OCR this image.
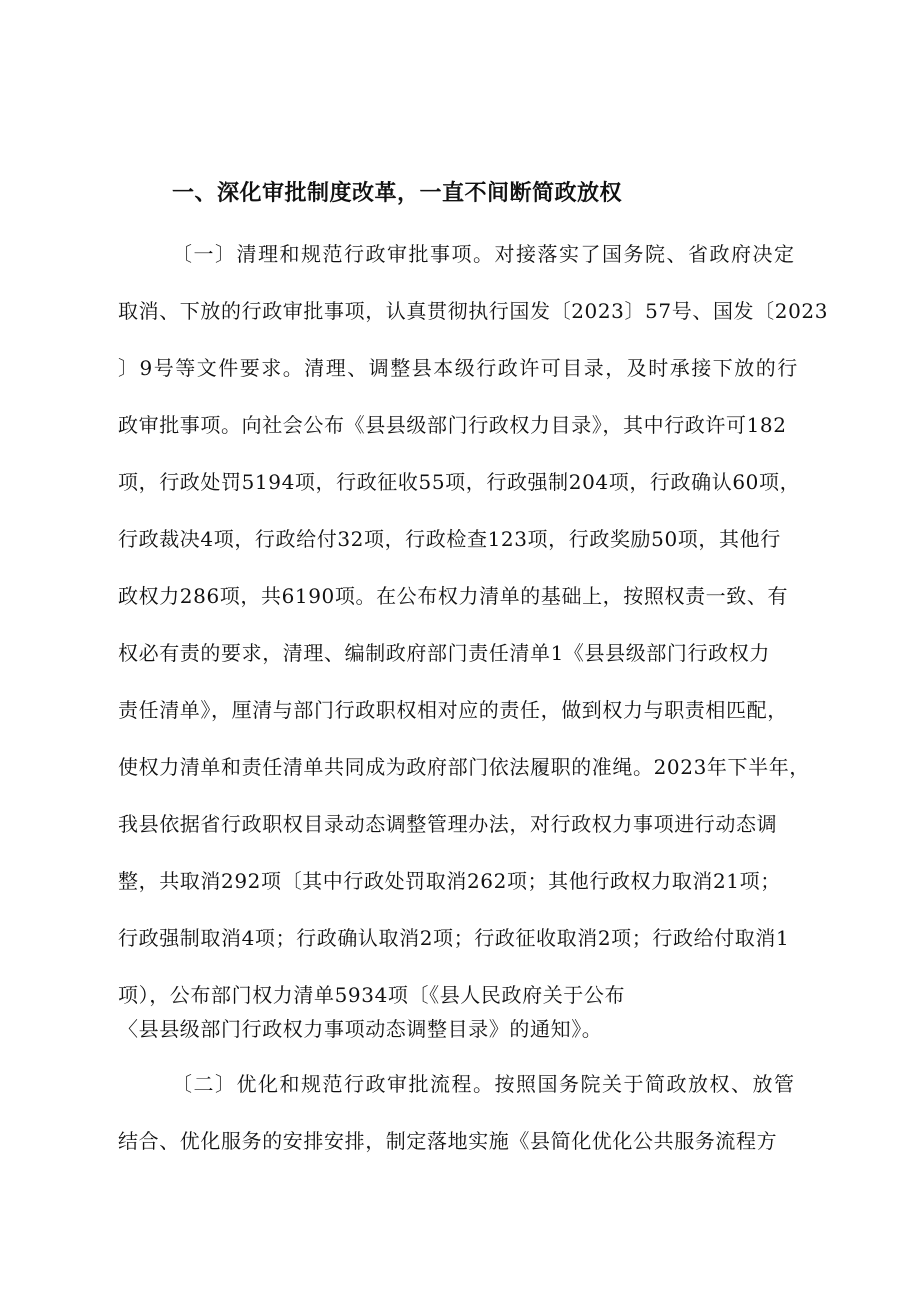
一、深化审批制度改革，一直不间断简政放权
〔一〕清理和规范行政审批事项。对接落实了国务院、省政府决定
取消、下放的行政审批事项，认真贯彻执行国发〔2023〕57号、国发〔2023
〕9号等文件要求。清理、调整县本级行政许可目录，及时承接下放的行
政审批事项。向社会公布《县县级部门行政权力目录》，其中行政许可182
项，行政处罚5194项，行政征收55项，行政强制204项，行政确认60项，
行政裁决4项，行政给付32项，行政检查123项，行政奖励50项，其他行
政权力286项，共6190项。在公布权力清单的基础上，按照权责一致、有
权必有责的要求，清理、编制政府部门责任清单1《县县级部门行政权力
责任清单》，厘清与部门行政职权相对应的责任，做到权力与职责相匹配，
使权力清单和责任清单共同成为政府部门依法履职的准绳。2023年下半年，
我县依据省行政职权目录动态调整管理办法，对行政权力事项进行动态调
整，共取消292项〔其中行政处罚取消262项；其他行政权力取消21项；
行政强制取消4项；行政确认取消2项；行政征收取消2项；行政给付取消1
项），公布部门权力清单5934项〔《县人民政府关于公布
〈县县级部门行政权力事项动态调整目录》的通知》。
〔二〕优化和规范行政审批流程。按照国务院关于简政放权、放管
结合、优化服务的安排安排，制定落地实施《县简化优化公共服务流程方
